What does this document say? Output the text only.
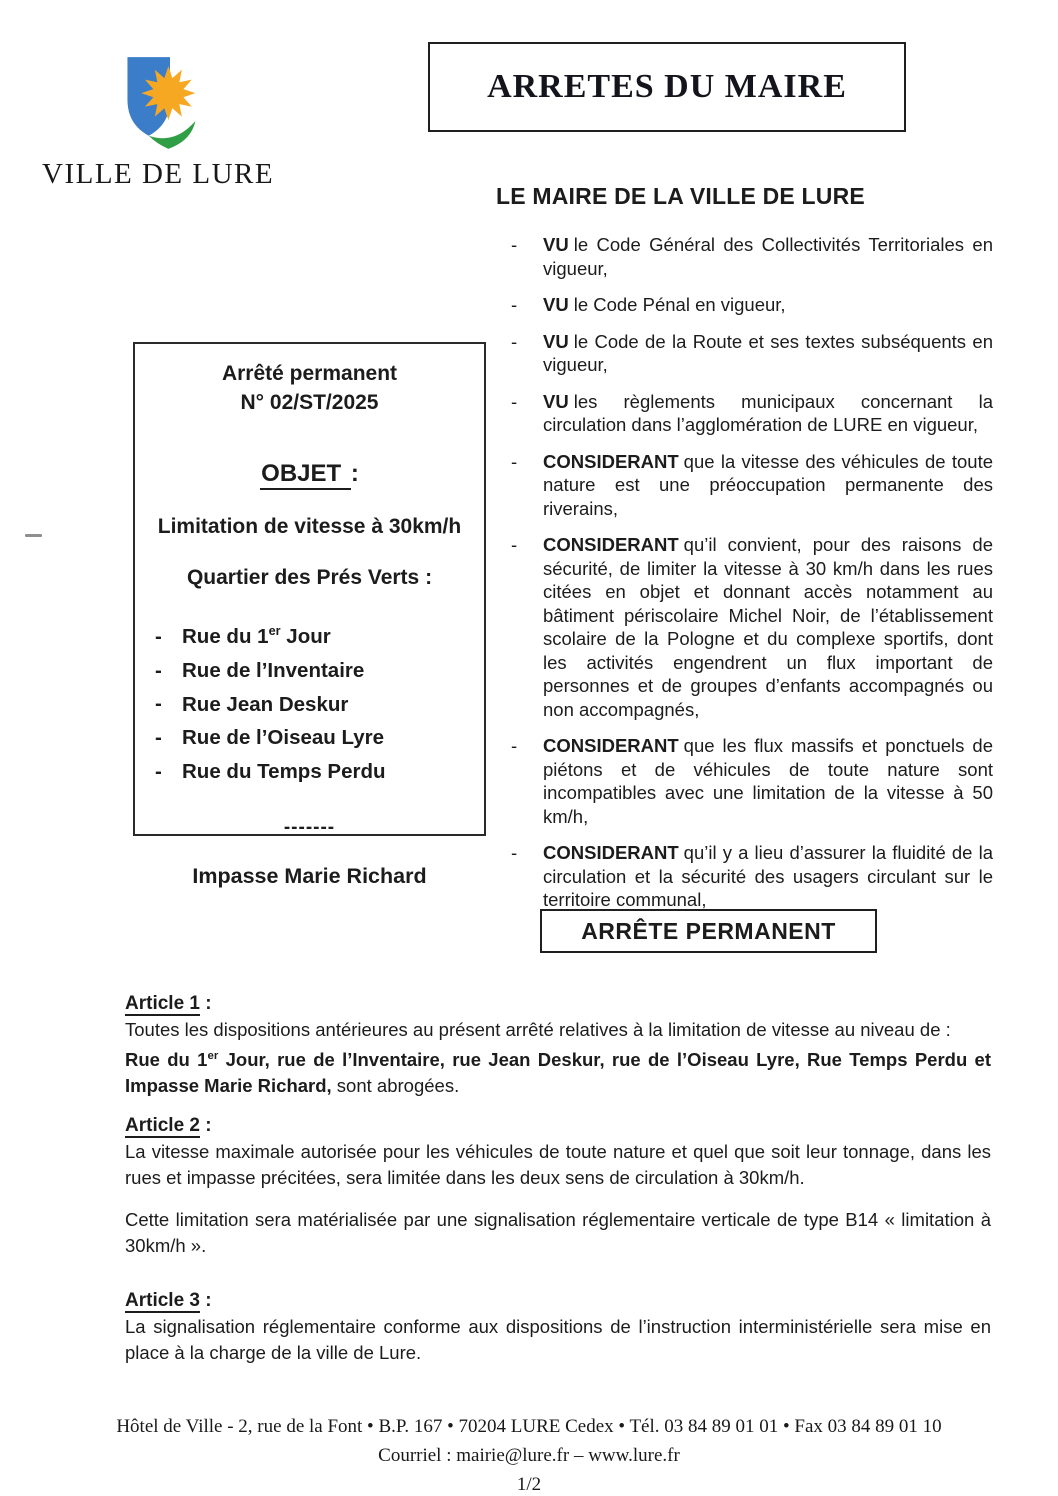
VILLE DE LURE
ARRETES DU MAIRE
LE MAIRE DE LA VILLE DE LURE
-	VU le Code Général des Collectivités Territoriales en vigueur,
-	VU le Code Pénal en vigueur,
-	VU le Code de la Route et ses textes subséquents en vigueur,
-	VU les règlements municipaux concernant la circulation dans l’agglomération de LURE en vigueur,
-	CONSIDERANT que la vitesse des véhicules de toute nature est une préoccupation permanente des riverains,
-	CONSIDERANT qu’il convient, pour des raisons de sécurité, de limiter la vitesse à 30 km/h dans les rues citées en objet et donnant accès notamment au bâtiment périscolaire Michel Noir, de l’établissement scolaire de la Pologne et du complexe sportifs, dont les activités engendrent un flux important de personnes et de groupes d’enfants accompagnés ou non accompagnés,
-	CONSIDERANT que les flux massifs et ponctuels de piétons et de véhicules de toute nature sont incompatibles avec une limitation de la vitesse à 50 km/h,
-	CONSIDERANT qu’il y a lieu d’assurer la fluidité de la circulation et la sécurité des usagers circulant sur le territoire communal,
Arrêté permanent
N° 02/ST/2025
OBJET :
Limitation de vitesse à 30km/h
Quartier des Prés Verts :
- Rue du 1er Jour
- Rue de l’Inventaire
- Rue Jean Deskur
- Rue de l’Oiseau Lyre
- Rue du Temps Perdu
-------
Impasse Marie Richard
ARRÊTE PERMANENT
Article 1 :

Toutes les dispositions antérieures au présent arrêté relatives à la limitation de vitesse au niveau de :

Rue du 1er Jour, rue de l’Inventaire, rue Jean Deskur, rue de l’Oiseau Lyre, Rue Temps Perdu et Impasse Marie Richard, sont abrogées.

Article 2 :

La vitesse maximale autorisée pour les véhicules de toute nature et quel que soit leur tonnage, dans les rues et impasse précitées, sera limitée dans les deux sens de circulation à 30km/h.

Cette limitation sera matérialisée par une signalisation réglementaire verticale de type B14 « limitation à 30km/h ».

Article 3 :

La signalisation réglementaire conforme aux dispositions de l’instruction interministérielle sera mise en place à la charge de la ville de Lure.

Hôtel de Ville - 2, rue de la Font • B.P. 167 • 70204 LURE Cedex • Tél. 03 84 89 01 01 • Fax 03 84 89 01 10
Courriel : mairie@lure.fr – www.lure.fr
1/2
